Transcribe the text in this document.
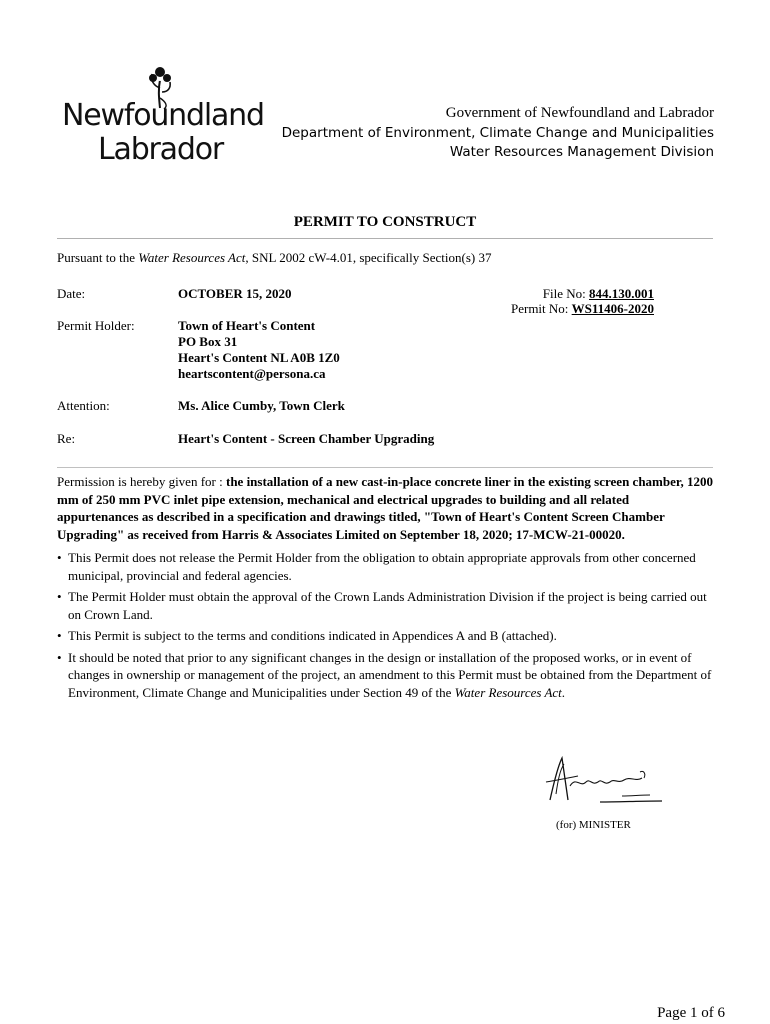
Newfoundland
Labrador
Government of Newfoundland and Labrador
Department of Environment, Climate Change and Municipalities
Water Resources Management Division
PERMIT TO CONSTRUCT
Pursuant to the Water Resources Act, SNL 2002 cW-4.01, specifically Section(s) 37
Date:	OCTOBER 15, 2020	File No: 844.130.001
Permit No: WS11406-2020
Permit Holder:	Town of Heart's Content
PO Box 31
Heart's Content NL A0B 1Z0
heartscontent@persona.ca
Attention:	Ms. Alice Cumby, Town Clerk
Re:	Heart's Content - Screen Chamber Upgrading
Permission is hereby given for : the installation of a new cast-in-place concrete liner in the existing screen chamber, 1200 mm of 250 mm PVC inlet pipe extension, mechanical and electrical upgrades to building and all related appurtenances as described in a specification and drawings titled, "Town of Heart's Content Screen Chamber Upgrading" as received from Harris & Associates Limited on September 18, 2020; 17-MCW-21-00020.
• This Permit does not release the Permit Holder from the obligation to obtain appropriate approvals from other concerned municipal, provincial and federal agencies.
• The Permit Holder must obtain the approval of the Crown Lands Administration Division if the project is being carried out on Crown Land.
• This Permit is subject to the terms and conditions indicated in Appendices A and B (attached).
• It should be noted that prior to any significant changes in the design or installation of the proposed works, or in event of changes in ownership or management of the project, an amendment to this Permit must be obtained from the Department of Environment, Climate Change and Municipalities under Section 49 of the Water Resources Act.
(for) MINISTER
Page 1 of 6
